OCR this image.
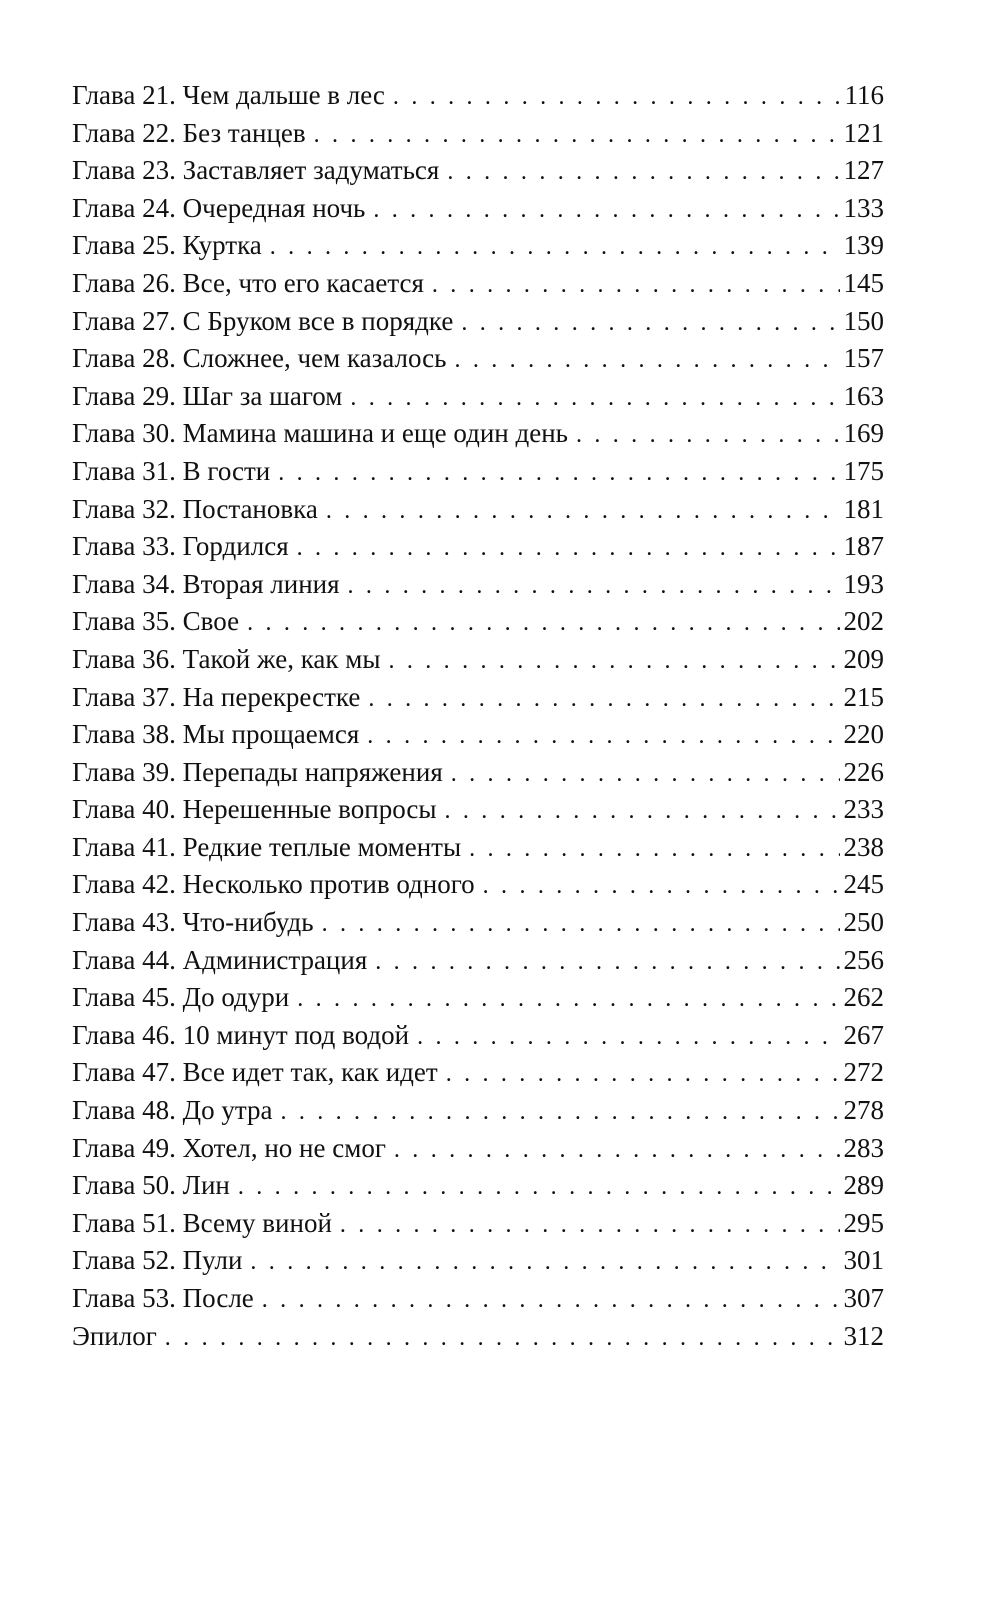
Глава 21. Чем дальше в лес . . .	116
Глава 22. Без танцев . . .	121
Глава 23. Заставляет задуматься . . .	127
Глава 24. Очередная ночь . . .	133
Глава 25. Куртка . . .	139
Глава 26. Все, что его касается . . .	145
Глава 27. С Бруком все в порядке . . .	150
Глава 28. Сложнее, чем казалось . . .	157
Глава 29. Шаг за шагом . . .	163
Глава 30. Мамина машина и еще один день . . .	169
Глава 31. В гости . . .	175
Глава 32. Постановка . . .	181
Глава 33. Гордился . . .	187
Глава 34. Вторая линия . . .	193
Глава 35. Свое . . .	202
Глава 36. Такой же, как мы . . .	209
Глава 37. На перекрестке . . .	215
Глава 38. Мы прощаемся . . .	220
Глава 39. Перепады напряжения . . .	226
Глава 40. Нерешенные вопросы . . .	233
Глава 41. Редкие теплые моменты . . .	238
Глава 42. Несколько против одного . . .	245
Глава 43. Что-нибудь . . .	250
Глава 44. Администрация . . .	256
Глава 45. До одури . . .	262
Глава 46. 10 минут под водой . . .	267
Глава 47. Все идет так, как идет . . .	272
Глава 48. До утра . . .	278
Глава 49. Хотел, но не смог . . .	283
Глава 50. Лин . . .	289
Глава 51. Всему виной . . .	295
Глава 52. Пули . . .	301
Глава 53. После . . .	307
Эпилог . . .	312
